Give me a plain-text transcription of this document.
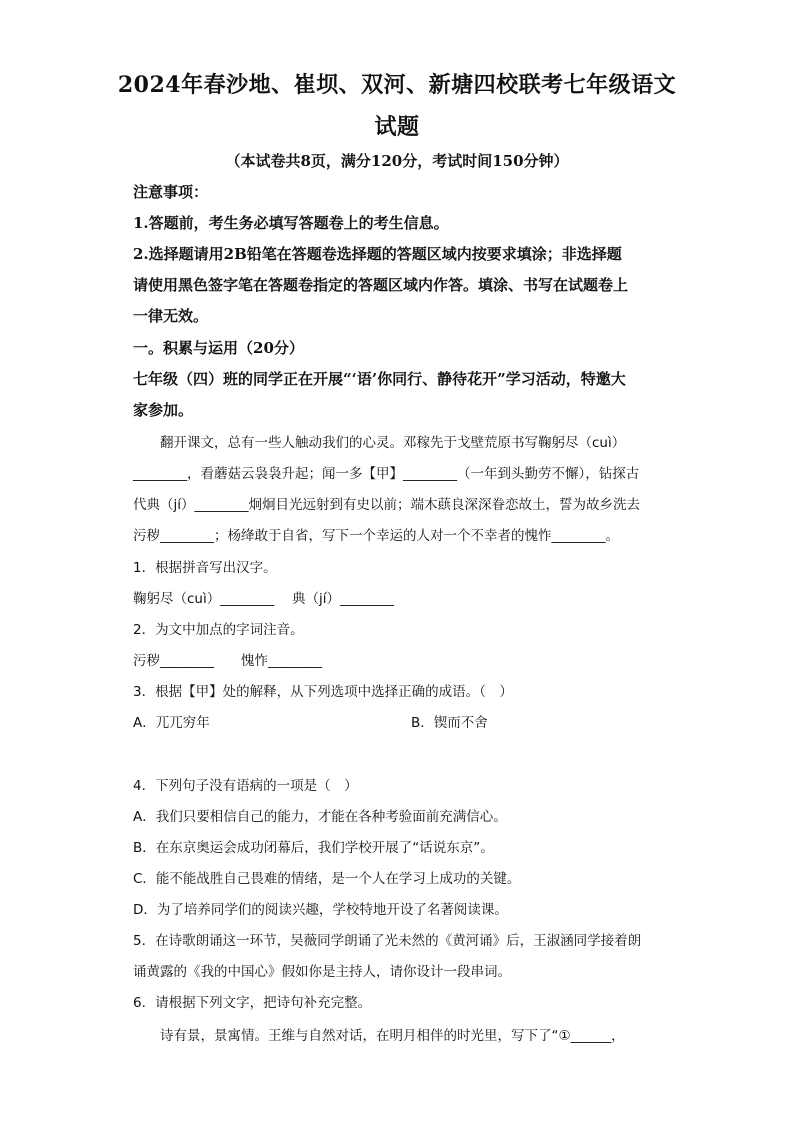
2024年春沙地、崔坝、双河、新塘四校联考七年级语文
试题
（本试卷共8页，满分120分，考试时间150分钟）
注意事项：
1.答题前，考生务必填写答题卷上的考生信息。
2.选择题请用2B铅笔在答题卷选择题的答题区域内按要求填涂；非选择题
请使用黑色签字笔在答题卷指定的答题区域内作答。填涂、书写在试题卷上
一律无效。
一。积累与运用（20分）
七年级（四）班的同学正在开展“‘语’你同行、静待花开”学习活动，特邀大
家参加。
翻开课文，总有一些人触动我们的心灵。邓稼先于戈壁荒原书写鞠躬尽（cuì）
________，看蘑菇云袅袅升起；闻一多【甲】________（一年到头勤劳不懈），钻探古
代典（jí）________炯炯目光远射到有史以前；端木蕻良深深眷恋故土，誓为故乡洗去
污秽________；杨绛敢于自省，写下一个幸运的人对一个不幸者的愧怍________。
1．根据拼音写出汉字。
鞠躬尽（cuì）________　 典（jí）________
2．为文中加点的字词注音。
污秽________　　愧怍________
3．根据【甲】处的解释，从下列选项中选择正确的成语。（　）
A．兀兀穷年	B．锲而不舍
4．下列句子没有语病的一项是（　）
A．我们只要相信自己的能力，才能在各种考验面前充满信心。
B．在东京奥运会成功闭幕后，我们学校开展了“话说东京”。
C．能不能战胜自己畏难的情绪，是一个人在学习上成功的关键。
D．为了培养同学们的阅读兴趣，学校特地开设了名著阅读课。
5．在诗歌朗诵这一环节，吴薇同学朗诵了光未然的《黄河诵》后，王淑涵同学接着朗
诵黄露的《我的中国心》假如你是主持人，请你设计一段串词。
6．请根据下列文字，把诗句补充完整。
诗有景，景寓情。王维与自然对话，在明月相伴的时光里，写下了“①______，
